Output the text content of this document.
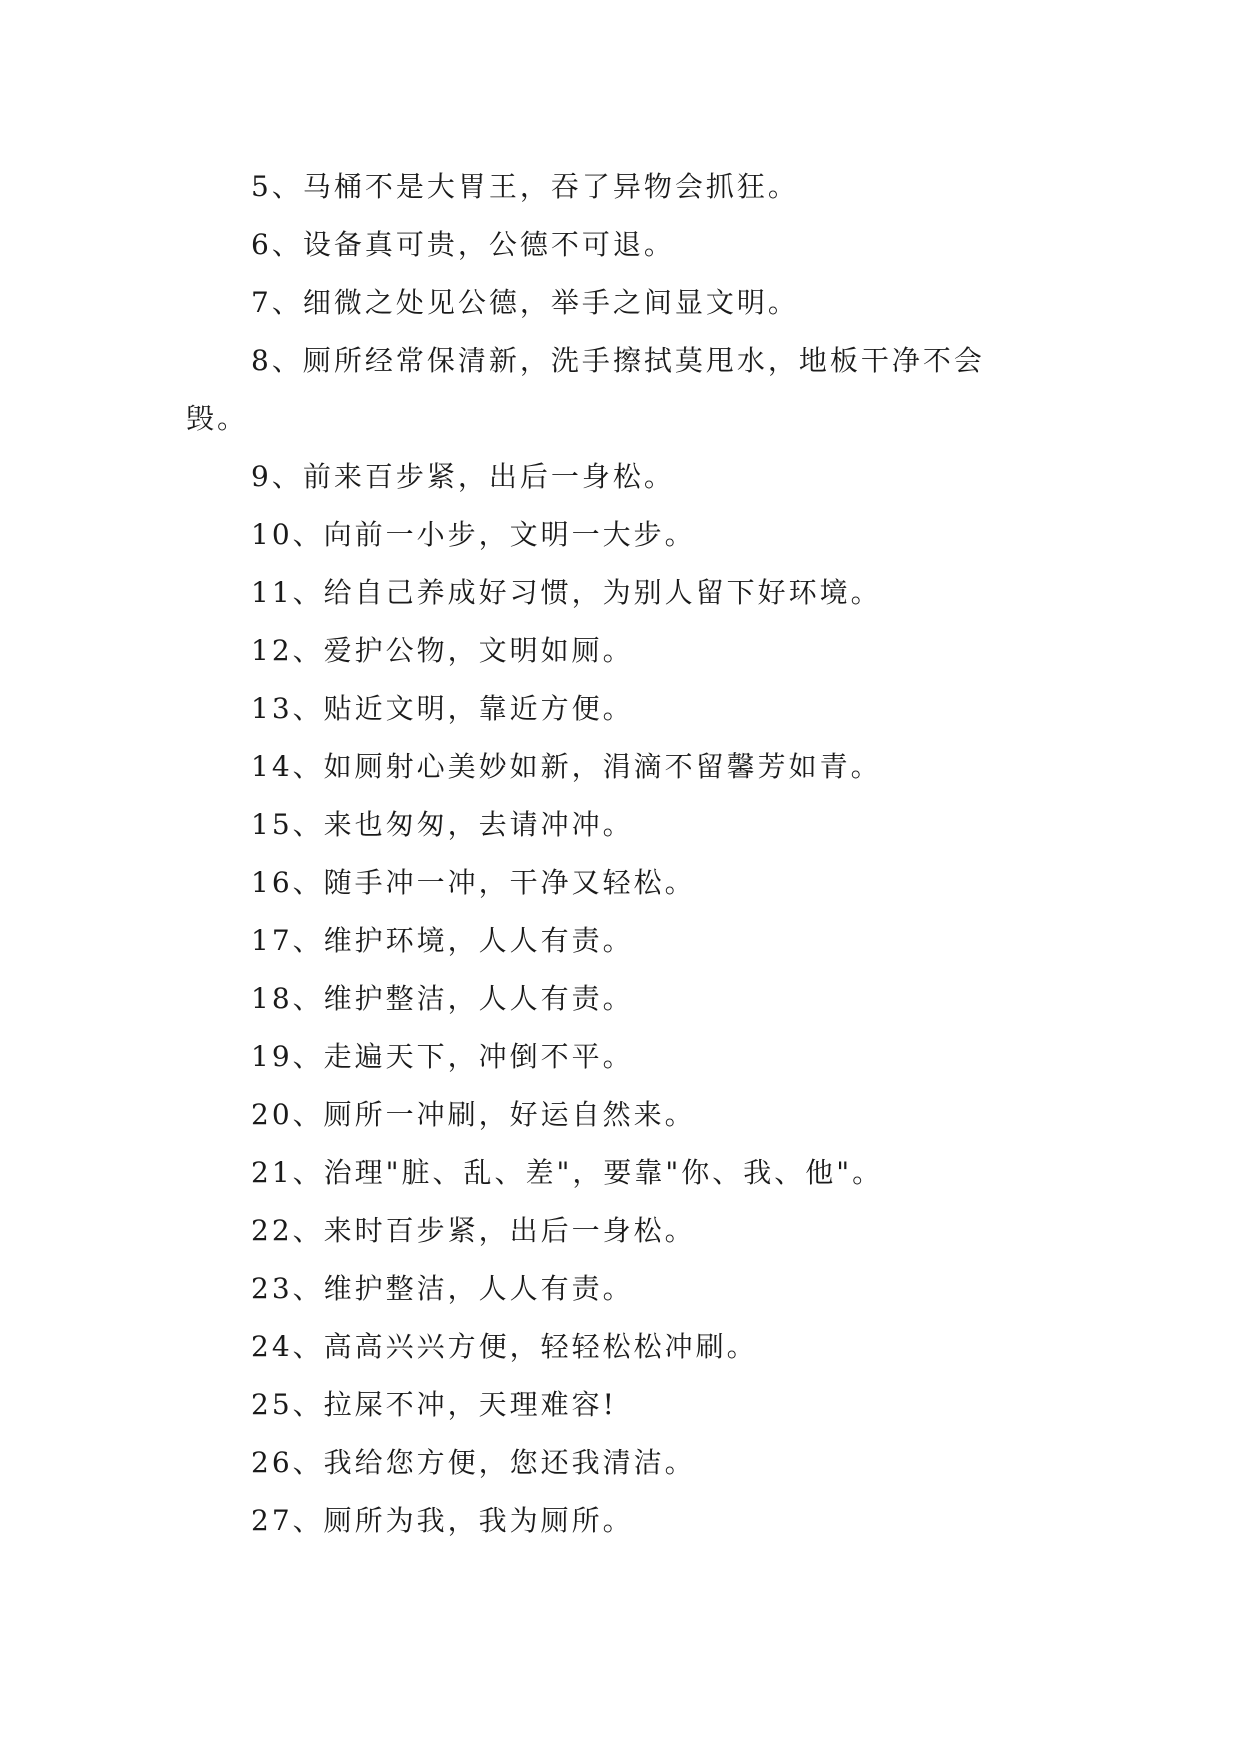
5、马桶不是大胃王，吞了异物会抓狂。

6、设备真可贵，公德不可退。

7、细微之处见公德，举手之间显文明。

8、厕所经常保清新，洗手擦拭莫甩水，地板干净不会

毁。

9、前来百步紧，出后一身松。

10、向前一小步，文明一大步。

11、给自己养成好习惯，为别人留下好环境。

12、爱护公物，文明如厕。

13、贴近文明，靠近方便。

14、如厕射心美妙如新，涓滴不留馨芳如青。

15、来也匆匆，去请冲冲。

16、随手冲一冲，干净又轻松。

17、维护环境，人人有责。

18、维护整洁，人人有责。

19、走遍天下，冲倒不平。

20、厕所一冲刷，好运自然来。

21、治理"脏、乱、差"，要靠"你、我、他"。

22、来时百步紧，出后一身松。

23、维护整洁，人人有责。

24、高高兴兴方便，轻轻松松冲刷。

25、拉屎不冲，天理难容!

26、我给您方便，您还我清洁。

27、厕所为我，我为厕所。
